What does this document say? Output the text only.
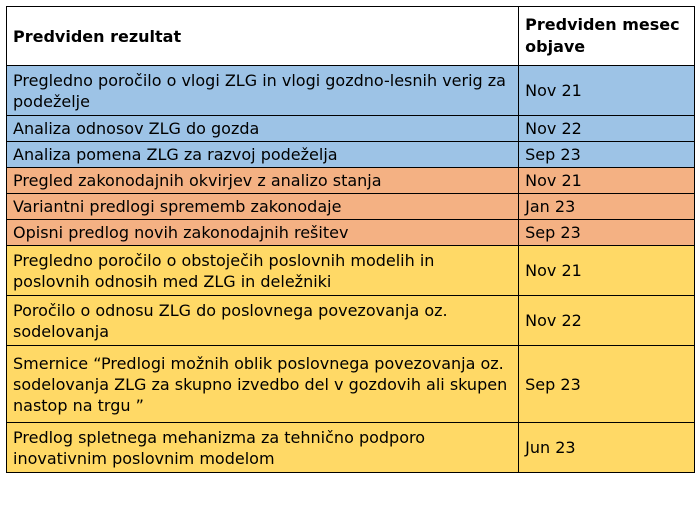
Predviden rezultat	Predviden mesec objave
Pregledno poročilo o vlogi ZLG in vlogi gozdno-lesnih verig za podeželje	Nov 21
Analiza odnosov ZLG do gozda	Nov 22
Analiza pomena ZLG za razvoj podeželja	Sep 23
Pregled zakonodajnih okvirjev z analizo stanja	Nov 21
Variantni predlogi sprememb zakonodaje	Jan 23
Opisni predlog novih zakonodajnih rešitev	Sep 23
Pregledno poročilo o obstoječih poslovnih modelih in poslovnih odnosih med ZLG in deležniki	Nov 21
Poročilo o odnosu ZLG do poslovnega povezovanja oz. sodelovanja	Nov 22
Smernice “Predlogi možnih oblik poslovnega povezovanja oz. sodelovanja ZLG za skupno izvedbo del v gozdovih ali skupen nastop na trgu ”	Sep 23
Predlog spletnega mehanizma za tehnično podporo inovativnim poslovnim modelom	Jun 23
